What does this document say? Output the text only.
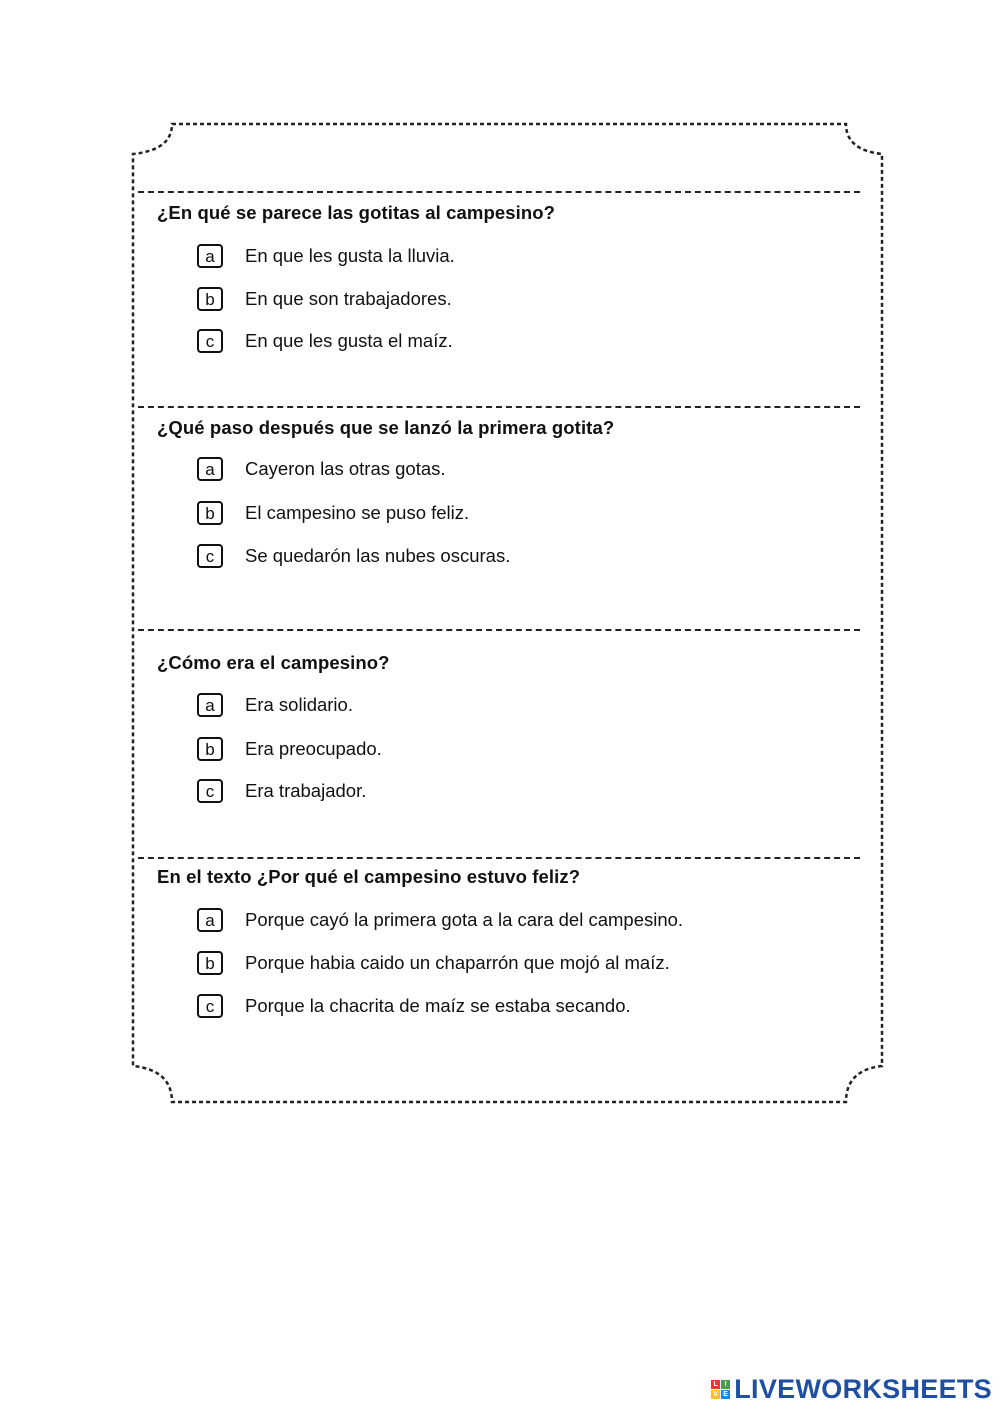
¿En qué se parece las gotitas al campesino?
a	En que les gusta la lluvia.
b	En que son trabajadores.
c	En que les gusta el maíz.
¿Qué paso después que se lanzó la primera gotita?
a	Cayeron las otras gotas.
b	El campesino se puso feliz.
c	Se quedarón las nubes oscuras.
¿Cómo era el campesino?
a	Era solidario.
b	Era preocupado.
c	Era trabajador.
En el texto ¿Por qué el campesino estuvo feliz?
a	Porque cayó la primera gota a la cara del campesino.
b	Porque habia caido un chaparrón que mojó al maíz.
c	Porque la chacrita de maíz se estaba secando.
L I
V E LIVEWORKSHEETS
